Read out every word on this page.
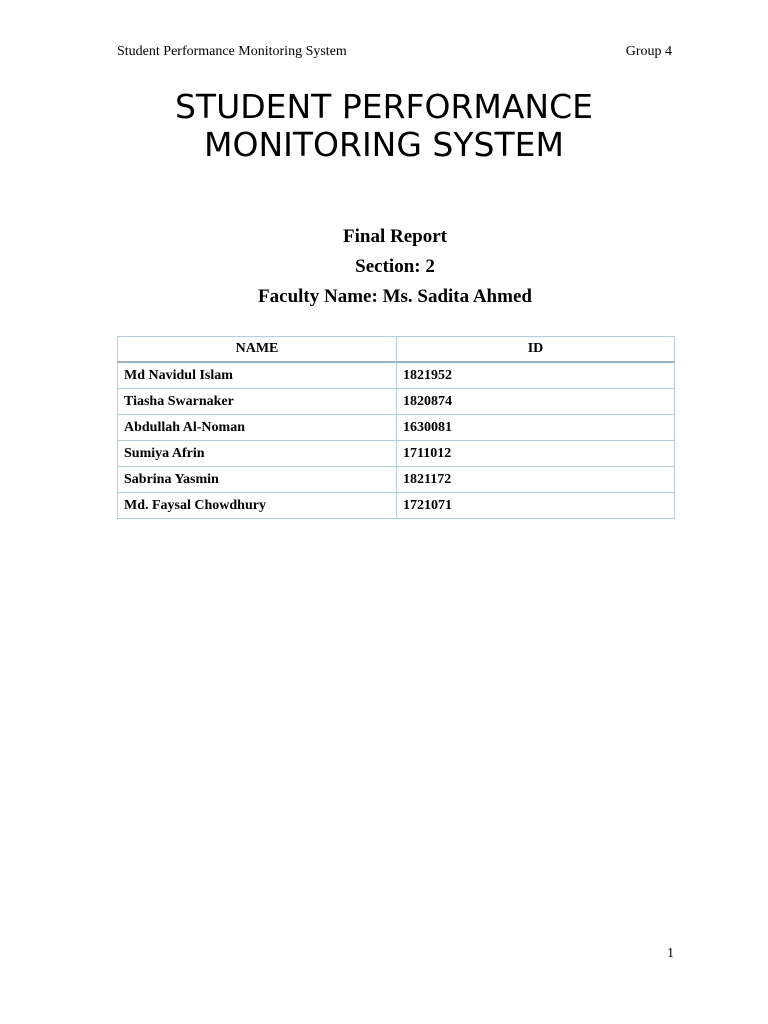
Student Performance Monitoring System	Group 4
STUDENT PERFORMANCE
MONITORING SYSTEM
Final Report
Section: 2
Faculty Name: Ms. Sadita Ahmed
NAME	ID
Md Navidul Islam	1821952
Tiasha Swarnaker	1820874
Abdullah Al-Noman	1630081
Sumiya Afrin	1711012
Sabrina Yasmin	1821172
Md. Faysal Chowdhury	1721071
1
